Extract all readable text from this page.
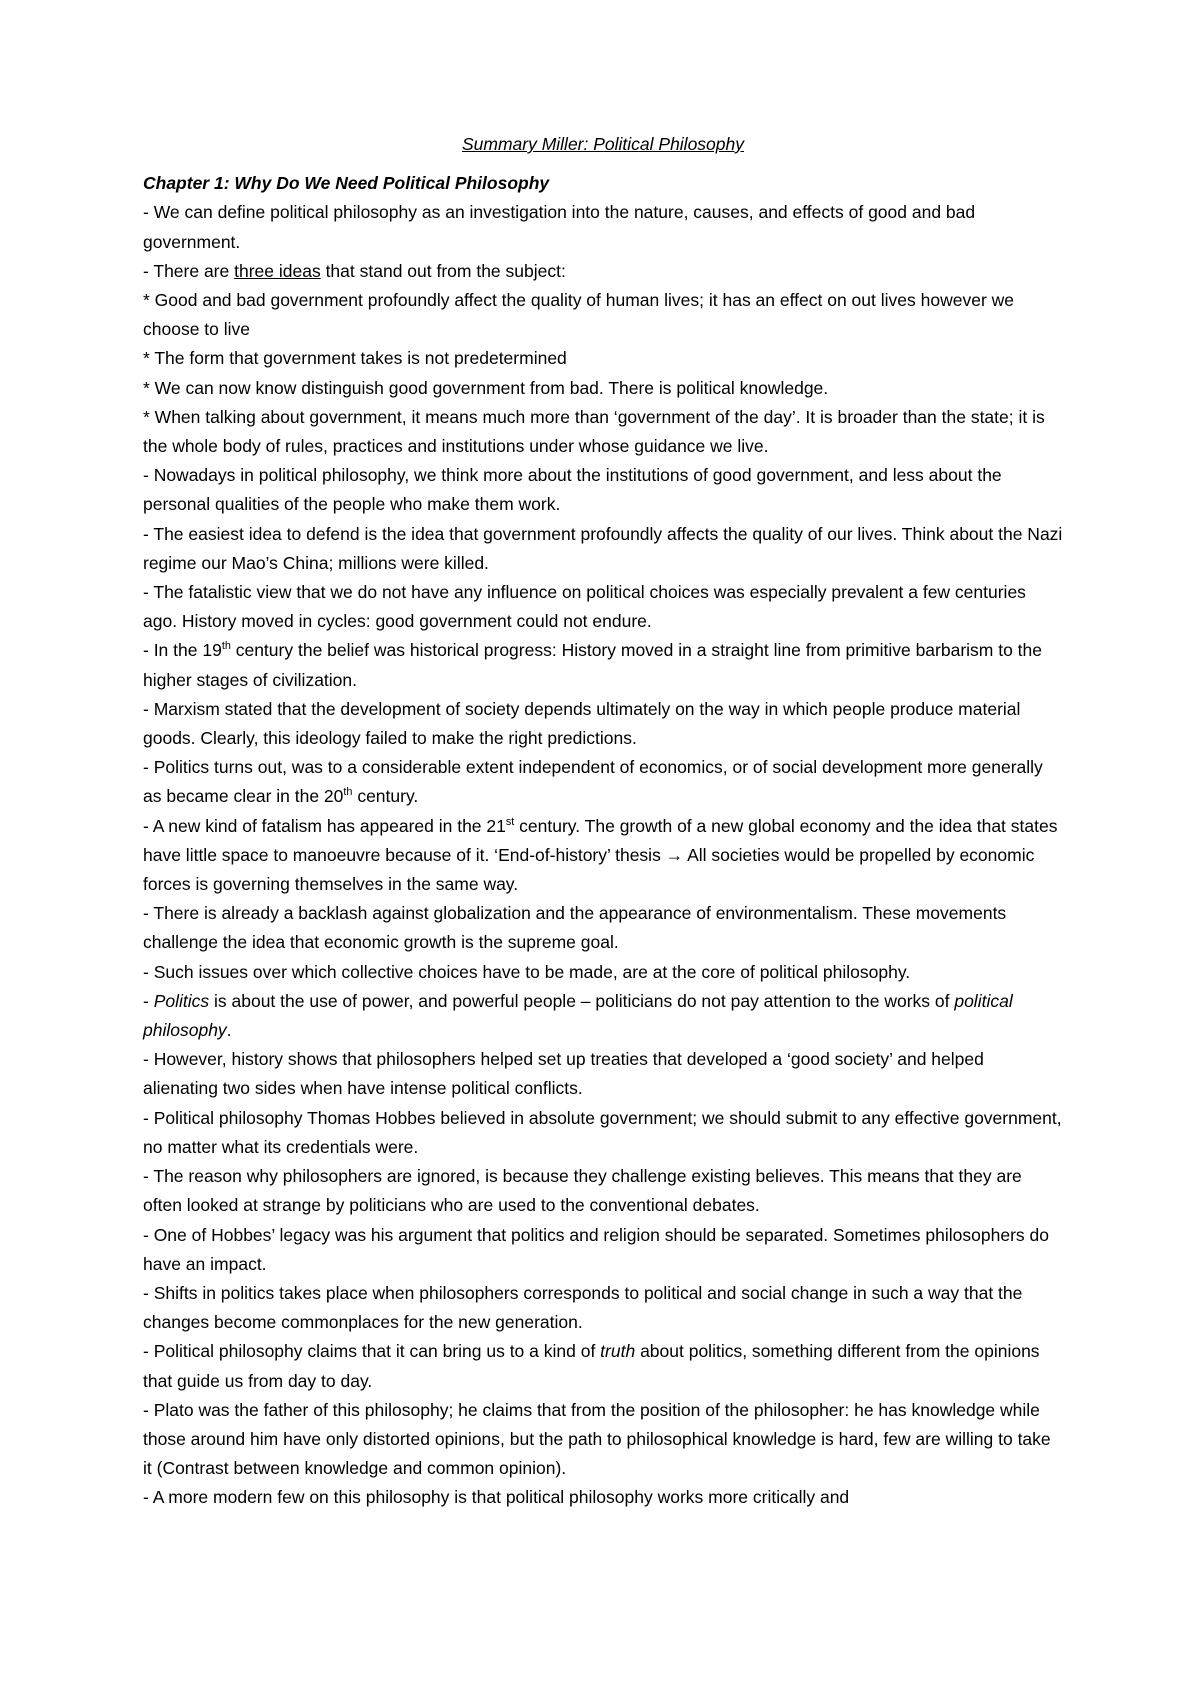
Summary Miller: Political Philosophy
Chapter 1: Why Do We Need Political Philosophy

- We can define political philosophy as an investigation into the nature, causes, and effects of good and bad government.

- There are three ideas that stand out from the subject:

* Good and bad government profoundly affect the quality of human lives; it has an effect on out lives however we choose to live

* The form that government takes is not predetermined

* We can now know distinguish good government from bad. There is political knowledge.

* When talking about government, it means much more than ‘government of the day’. It is broader than the state; it is the whole body of rules, practices and institutions under whose guidance we live.

- Nowadays in political philosophy, we think more about the institutions of good government, and less about the personal qualities of the people who make them work.

- The easiest idea to defend is the idea that government profoundly affects the quality of our lives. Think about the Nazi regime our Mao’s China; millions were killed.

- The fatalistic view that we do not have any influence on political choices was especially prevalent a few centuries ago. History moved in cycles: good government could not endure.

- In the 19th century the belief was historical progress: History moved in a straight line from primitive barbarism to the higher stages of civilization.

- Marxism stated that the development of society depends ultimately on the way in which people produce material goods. Clearly, this ideology failed to make the right predictions.

- Politics turns out, was to a considerable extent independent of economics, or of social development more generally as became clear in the 20th century.

- A new kind of fatalism has appeared in the 21st century. The growth of a new global economy and the idea that states have little space to manoeuvre because of it. ‘End-of-history’ thesis → All societies would be propelled by economic forces is governing themselves in the same way.

- There is already a backlash against globalization and the appearance of environmentalism. These movements challenge the idea that economic growth is the supreme goal.

- Such issues over which collective choices have to be made, are at the core of political philosophy.

- Politics is about the use of power, and powerful people – politicians do not pay attention to the works of political philosophy.

- However, history shows that philosophers helped set up treaties that developed a ‘good society’ and helped alienating two sides when have intense political conflicts.

- Political philosophy Thomas Hobbes believed in absolute government; we should submit to any effective government, no matter what its credentials were.

- The reason why philosophers are ignored, is because they challenge existing believes. This means that they are often looked at strange by politicians who are used to the conventional debates.

- One of Hobbes’ legacy was his argument that politics and religion should be separated. Sometimes philosophers do have an impact.

- Shifts in politics takes place when philosophers corresponds to political and social change in such a way that the changes become commonplaces for the new generation.

- Political philosophy claims that it can bring us to a kind of truth about politics, something different from the opinions that guide us from day to day.

- Plato was the father of this philosophy; he claims that from the position of the philosopher: he has knowledge while those around him have only distorted opinions, but the path to philosophical knowledge is hard, few are willing to take it (Contrast between knowledge and common opinion).

- A more modern few on this philosophy is that political philosophy works more critically and
